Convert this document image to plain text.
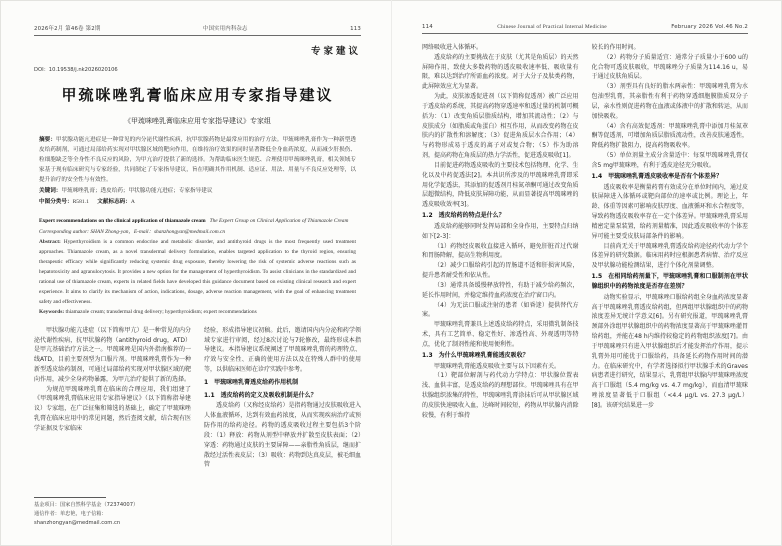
2026年2月 第46卷 第2期	中国实用内科杂志	113
专家建议
DOI：10.19538/j.nk2026020106
甲巯咪唑乳膏临床应用专家指导建议
《甲巯咪唑乳膏临床应用专家指导建议》专家组

摘要：甲状腺功能亢进症是一种常见的内分泌代谢性疾病，抗甲状腺药物是最常应用的治疗方法。甲巯咪唑乳膏作为一种新型透皮给药制剂，可通过局部给药实现对甲状腺区域的靶向作用，在维持治疗效果的同时显著降低全身血药浓度，从而减少肝损伤、粒细胞缺乏等全身性不良反应的风险，为甲亢治疗提供了新的选择。为帮助临床医生规范、合理使用甲巯咪唑乳膏，相关领域专家基于现有临床研究与专家经验，共同制定了专家指导建议，旨在明确其作用机制、适应证、用法、用量与不良反应处理等，以提升治疗的安全性与有效性。

关键词：甲巯咪唑乳膏；透皮给药；甲状腺功能亢进症；专家指导建议

中图分类号：R581.1 文献标志码：A

Expert recommendations on the clinical application of thiamazole cream The Expert Group on Clinical Application of Thiamazole Cream

Corresponding author: SHAN Zhong-yan，E-mail：shanzhongyan@medmail.com.cn

Abstract: Hyperthyroidism is a common endocrine and metabolic disorder, and antithyroid drugs is the most frequently used treatment approaches. Thiamazole cream, as a novel transdermal delivery formulation, enables targeted application to the thyroid region, ensuring therapeutic efficacy while significantly reducing systemic drug exposure, thereby lowering the risk of systemic adverse reactions such as hepatotoxicity and agranulocytosis. It provides a new option for the management of hyperthyroidism. To assist clinicians in the standardized and rational use of thiamazole cream, experts in related fields have developed this guidance document based on existing clinical research and expert experience. It aims to clarify its mechanism of action, indications, dosage, adverse reaction management, with the goal of enhancing treatment safety and effectiveness.

Keywords: thiamazole cream; transdermal drug delivery; hyperthyroidism; expert recommendations

甲状腺功能亢进症（以下简称甲亢）是一种常见的内分泌代谢性疾病，抗甲状腺药物（antithyroid drug，ATD）是甲亢基础治疗方法之一。甲巯咪唑是国内外指南推荐的一线ATD，目前主要剂型为口服片剂。甲巯咪唑乳膏作为一种新型透皮给药制剂，可通过局部给药实现对甲状腺区域的靶向作用，减少全身药物暴露，为甲亢治疗提供了新的选择。

为规范甲巯咪唑乳膏在临床的合理应用，我们组建了《甲巯咪唑乳膏临床应用专家指导建议》（以下简称指导建议）专家组，在广泛征集和筛选的基础上，确定了甲巯咪唑乳膏在临床应用中的常见问题，然后查阅文献，结合现有医学证据及专家临床

基金项目：国家自然科学基金（72374007）

通信作者：单忠艳，电子信箱：shanzhongyan@medmail.com.cn

经验，形成指导建议初稿。此后，邀请国内内分泌和药学领域专家进行审阅，经过8次讨论与7轮修改，最终形成本指导建议。本指导建议系统阐述了甲巯咪唑乳膏的药理特点、疗效与安全性、正确的使用方法以及在特殊人群中的使用等，以供临床医师在诊疗实践中参考。

1　甲巯咪唑乳膏透皮给药作用机制

1.1　透皮给药的定义及吸收机制是什么？

透皮给药（又称经皮给药）是指药物通过皮肤吸收进入人体血液循环，达到有效血药浓度，从而实现疾病治疗或预防作用的给药途径。药物的透皮吸收过程主要包括3个阶段：（1）释放：药物从剂型中释放并扩散至皮肤表面；（2）穿透：药物通过皮肤的主要屏障——亲脂性角质层，继而扩散经过活性表皮层；（3）吸收：药物到达真皮层，被毛细血管

114	Chinese Journal of Practical Internal Medicine	February 2026 Vol.46 No.2

网络吸收进入体循环。

透皮给药的主要挑战在于皮肤（尤其是角质层）的天然屏障作用，致使大多数药物的透皮吸收速率低、吸收量有限，难以达到治疗所需血药浓度。对于大分子及肽类药物，此屏障效应尤为显著。

为此，皮肤渗透促进剂（以下简称促透剂）被广泛应用于透皮给药系统，其提高药物穿透速率和透过量的机制可概括为：（1）改变角质层脂质结构，增加其流动性；（2）与皮肤成分（如脂质或角蛋白）相互作用，从而改变药物在皮肤内的扩散性和溶解度；（3）促进角质层水合作用；（4）与药物形成易于透皮的离子对或复合物；（5）作为助溶剂，提高药物在角质层的热力学活性，促进透皮吸收[1]。

目前促进药物透皮吸收的主要技术包括物理、化学、生化以及中药促透法[2]。本共识所涉及的甲巯咪唑乳膏即采用化学促透法，其添加的促透剂月桂氮䓬酮可通过改变角质层超微结构，降低皮肤屏障功能，从而显著提高甲巯咪唑的透皮吸收效率[3]。

1.2　透皮给药的特点是什么？

透皮给药能够同时发挥局部和全身作用，主要特点归纳如下[2-3]：

（1）药物经皮吸收直接进入循环，避免肝脏首过代谢和胃肠降解，提高生物利用度。

（2）减少口服给药引起的胃肠道不适和肝损害风险，提升患者耐受性和依从性。

（3）通常具备缓慢释放特性，有助于减少给药频次，延长作用时间，并稳定维持血药浓度在治疗窗口内。

（4）为无法口服或注射的患者（如昏迷）提供替代方案。

甲巯咪唑乳膏兼具上述透皮给药特点，采用微乳制备技术，具有工艺简单、稳定性好、渗透性高、外观透明等特点，优化了制剂性能和使用便利性。

1.3　为什么甲巯咪唑乳膏能透皮吸收？

甲巯咪唑乳膏能透皮吸收主要与以下因素有关。

（1）靶部位解剖与药代动力学特点：甲状腺位置表浅、血供丰富，是透皮给药的理想部位。甲巯咪唑具有在甲状腺组织浓集的特性，甲巯咪唑乳膏涂抹后可从甲状腺区域的皮肤快速吸收入血，达峰时间较短，药物从甲状腺内消除较慢，有利于维持

较长的作用时间。

（2）药物分子质量适宜：通常分子质量小于600 u的化合物可透皮肤吸收，甲巯咪唑分子质量为114.16 u，易于通过皮肤角质层。

（3）剂型具有良好的脂水两亲性：甲巯咪唑乳膏为水包油型乳膏，其亲脂性有利于药物穿透细胞膜脂质双分子层，亲水性则促进药物在血液或体液中的扩散和转运，从而加快吸收。

（4）含有高效促透剂：甲巯咪唑乳膏中添加月桂氮䓬酮等促透剂，可增加角质层脂质流动性，改善皮肤通透性，降低药物扩散阻力，提高药物吸收率。

（5）单位剂量主成分含量适中：每泵甲巯咪唑乳膏仅含5 mg甲巯咪唑，有利于透皮途径充分吸收。

1.4　甲巯咪唑乳膏透皮吸收率是否有个体差异？

透皮吸收率是衡量药膏有效成分在单位时间内，通过皮肤屏障进入体循环或靶向部位的速率或比例。理论上，年龄、体重等因素可影响皮肤厚度、血液循环和水合程度等，导致药物透皮吸收率存在一定个体差异。甲巯咪唑乳膏采用精密定量泵装置，给药剂量精准，因此透皮吸收率的个体差异可能主要受皮肤局部条件的影响。

目前尚无关于甲巯咪唑乳膏透皮给药途径药代动力学个体差异的研究数据。临床用药时应根据患者病情、治疗反应及甲状腺功能检测结果，进行个体化剂量调整。

1.5　在相同给药剂量下，甲巯咪唑乳膏和口服制剂在甲状腺组织中的药物浓度是否存在差别？

动物实验显示，甲巯咪唑口服给药组全身血药浓度显著高于甲巯咪唑乳膏透皮给药组，但两组甲状腺组织中的药物浓度差异无统计学意义[6]。另有研究报道，甲巯咪唑乳膏颈部外涂组甲状腺组织中的药物浓度显著高于甲巯咪唑灌胃给药组，并能在48 h内维持较稳定的药物组织浓度[7]。由于甲巯咪唑只有进入甲状腺组织后才能发挥治疗作用，提示乳膏外用可能优于口服给药，具备延长药物作用时间的潜力。在临床研究中，有学者选择拟行甲状腺手术的Graves病患者进行研究，结果显示，乳膏组甲状腺内甲巯咪唑浓度高于口服组（5.4 mg/kg vs. 4.7 mg/kg），而血清甲巯咪唑浓度显著低于口服组（<4.4 μg/L vs. 27.3 μg/L）[8]。该研究结果进一步
